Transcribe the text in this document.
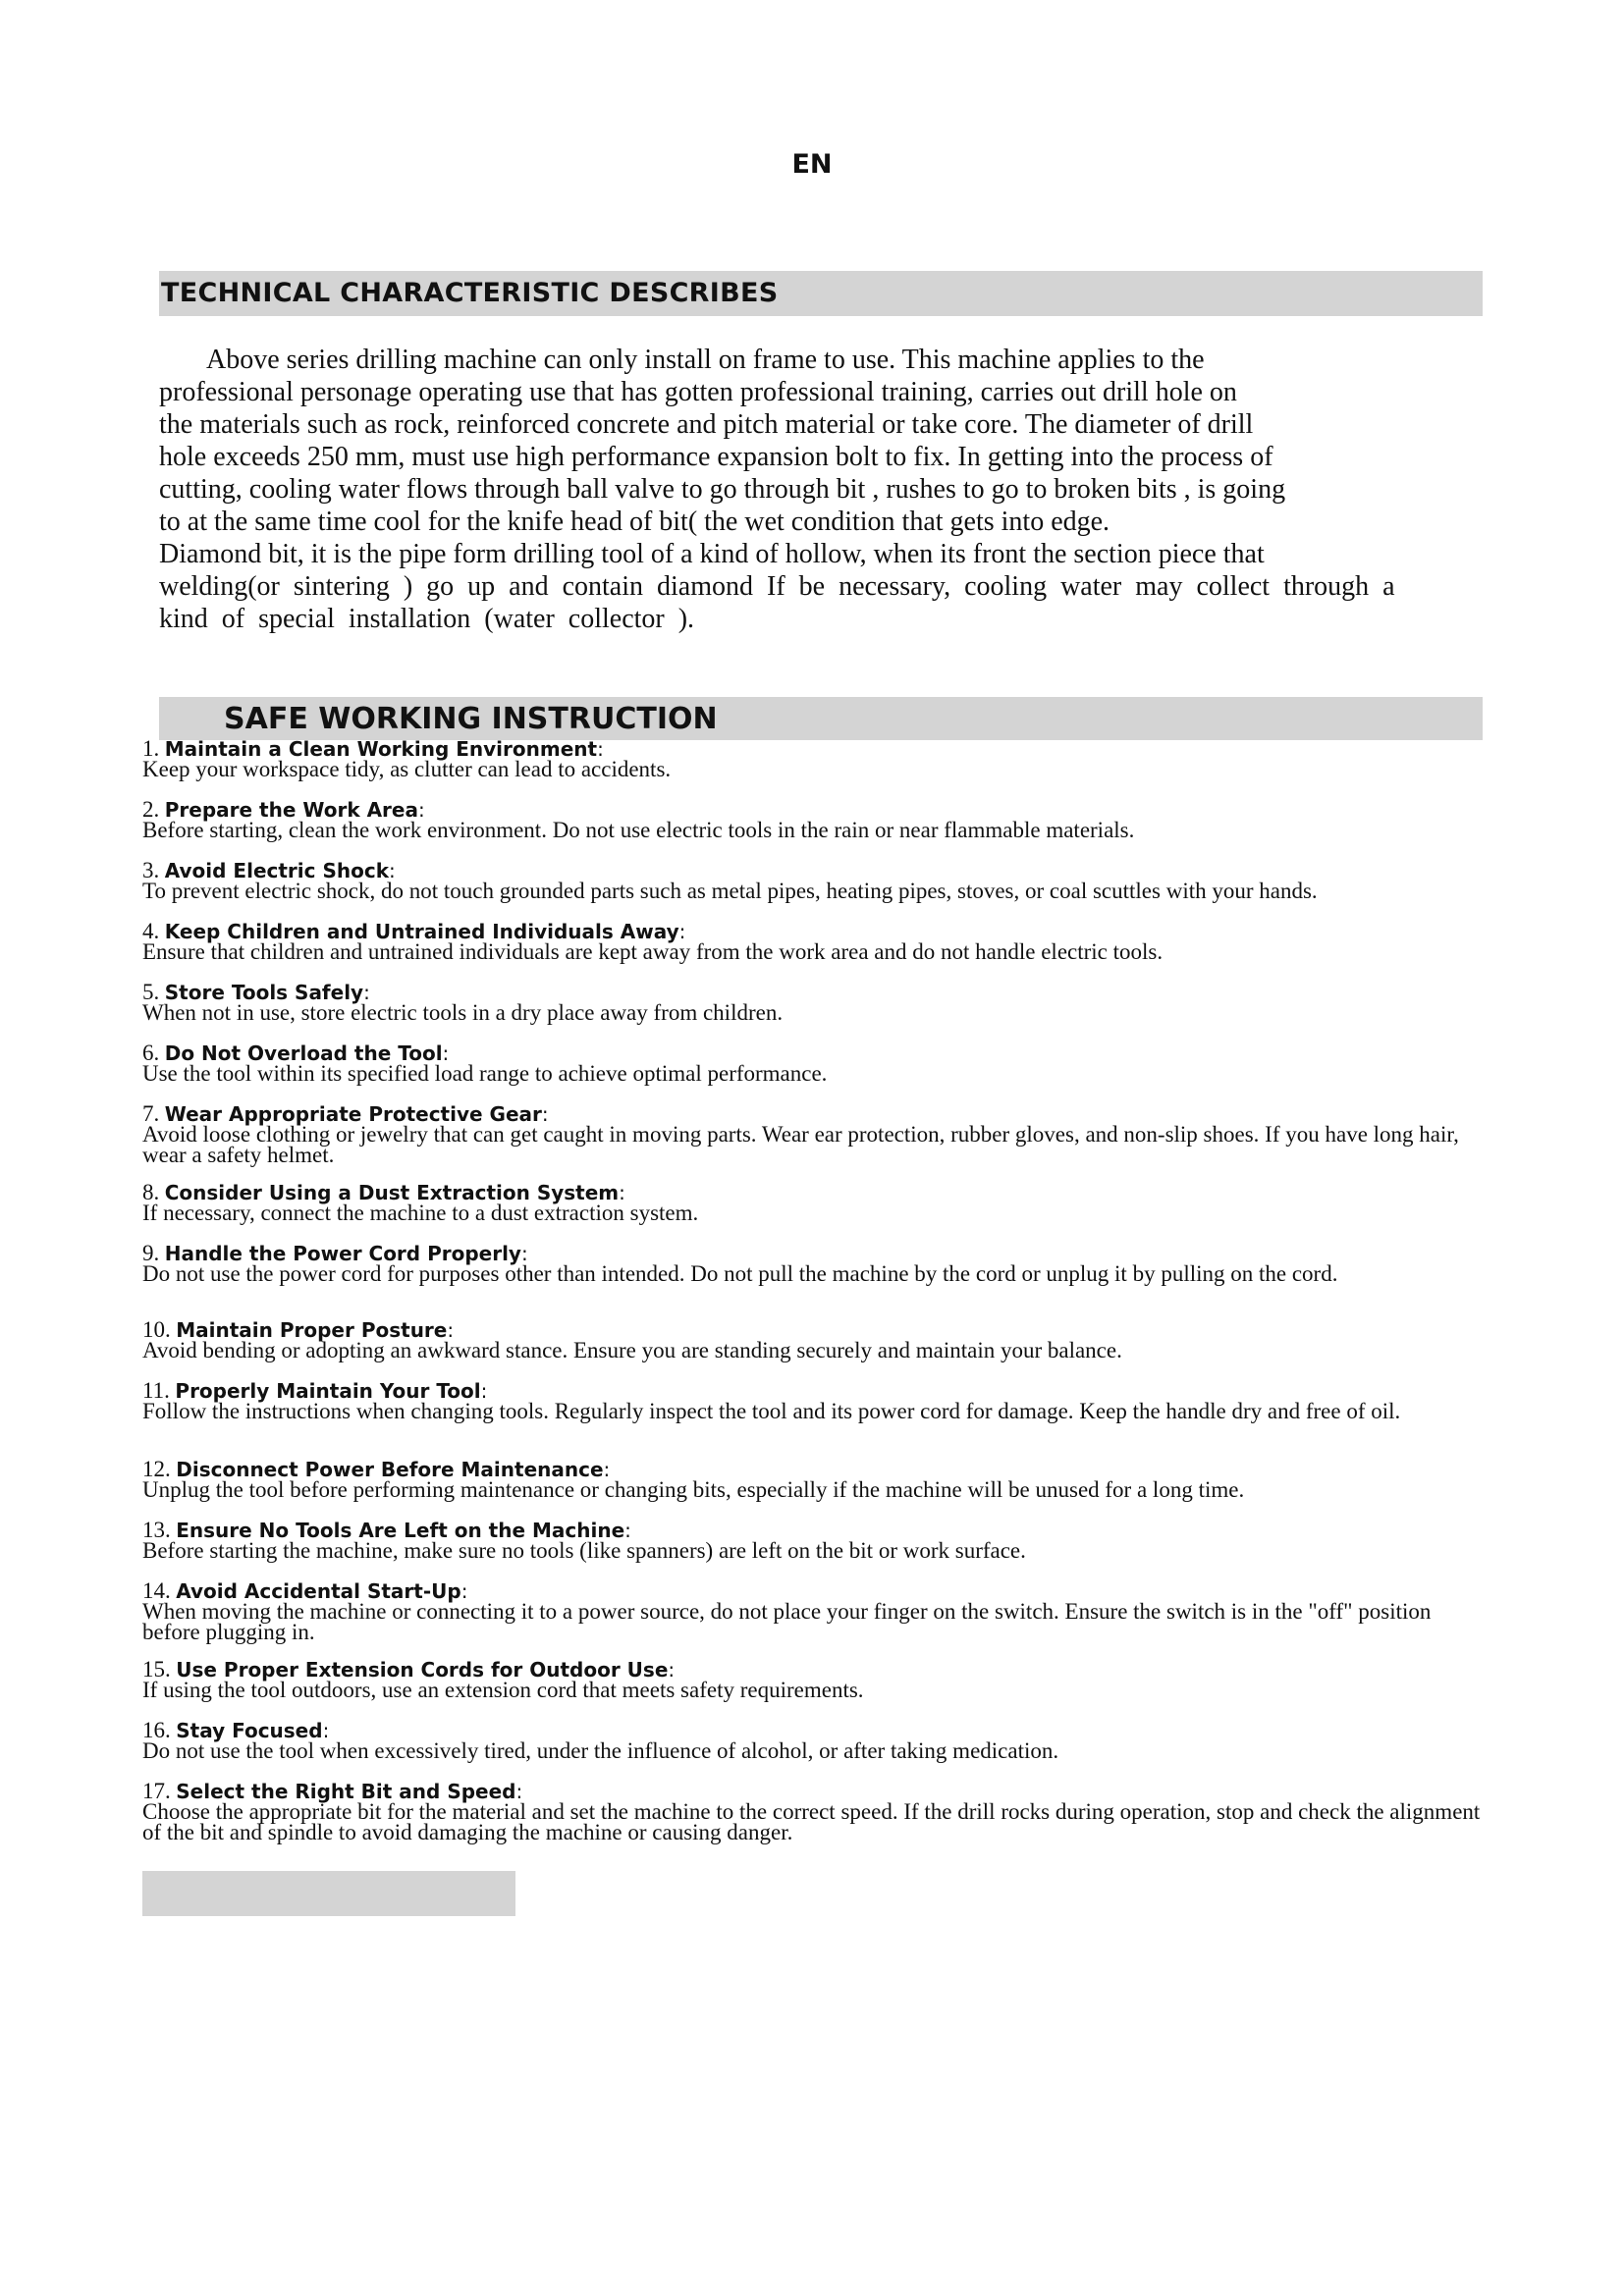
EN
TECHNICAL CHARACTERISTIC DESCRIBES
Above series drilling machine can only install on frame to use. This machine applies to the
professional personage operating use that has gotten professional training, carries out drill hole on
the materials such as rock, reinforced concrete and pitch material or take core. The diameter of drill
hole exceeds 250 mm, must use high performance expansion bolt to fix. In getting into the process of
cutting, cooling water flows through ball valve to go through bit , rushes to go to broken bits , is going
to at the same time cool for the knife head of bit( the wet condition that gets into edge.
Diamond bit, it is the pipe form drilling tool of a kind of hollow, when its front the section piece that
welding(or sintering ) go up and contain diamond If be necessary, cooling water may collect through a
kind of special installation (water collector ).
SAFE WORKING INSTRUCTION
1. Maintain a Clean Working Environment:
Keep your workspace tidy, as clutter can lead to accidents.
2. Prepare the Work Area:
Before starting, clean the work environment. Do not use electric tools in the rain or near flammable materials.
3. Avoid Electric Shock:
To prevent electric shock, do not touch grounded parts such as metal pipes, heating pipes, stoves, or coal scuttles with your hands.
4. Keep Children and Untrained Individuals Away:
Ensure that children and untrained individuals are kept away from the work area and do not handle electric tools.
5. Store Tools Safely:
When not in use, store electric tools in a dry place away from children.
6. Do Not Overload the Tool:
Use the tool within its specified load range to achieve optimal performance.
7. Wear Appropriate Protective Gear:
Avoid loose clothing or jewelry that can get caught in moving parts. Wear ear protection, rubber gloves, and non-slip shoes. If you have long hair, wear a safety helmet.
8. Consider Using a Dust Extraction System:
If necessary, connect the machine to a dust extraction system.
9. Handle the Power Cord Properly:
Do not use the power cord for purposes other than intended. Do not pull the machine by the cord or unplug it by pulling on the cord.
10. Maintain Proper Posture:
Avoid bending or adopting an awkward stance. Ensure you are standing securely and maintain your balance.
11. Properly Maintain Your Tool:
Follow the instructions when changing tools. Regularly inspect the tool and its power cord for damage. Keep the handle dry and free of oil.
12. Disconnect Power Before Maintenance:
Unplug the tool before performing maintenance or changing bits, especially if the machine will be unused for a long time.
13. Ensure No Tools Are Left on the Machine:
Before starting the machine, make sure no tools (like spanners) are left on the bit or work surface.
14. Avoid Accidental Start-Up:
When moving the machine or connecting it to a power source, do not place your finger on the switch. Ensure the switch is in the "off" position before plugging in.
15. Use Proper Extension Cords for Outdoor Use:
If using the tool outdoors, use an extension cord that meets safety requirements.
16. Stay Focused:
Do not use the tool when excessively tired, under the influence of alcohol, or after taking medication.
17. Select the Right Bit and Speed:
Choose the appropriate bit for the material and set the machine to the correct speed. If the drill rocks during operation, stop and check the alignment of the bit and spindle to avoid damaging the machine or causing danger.
